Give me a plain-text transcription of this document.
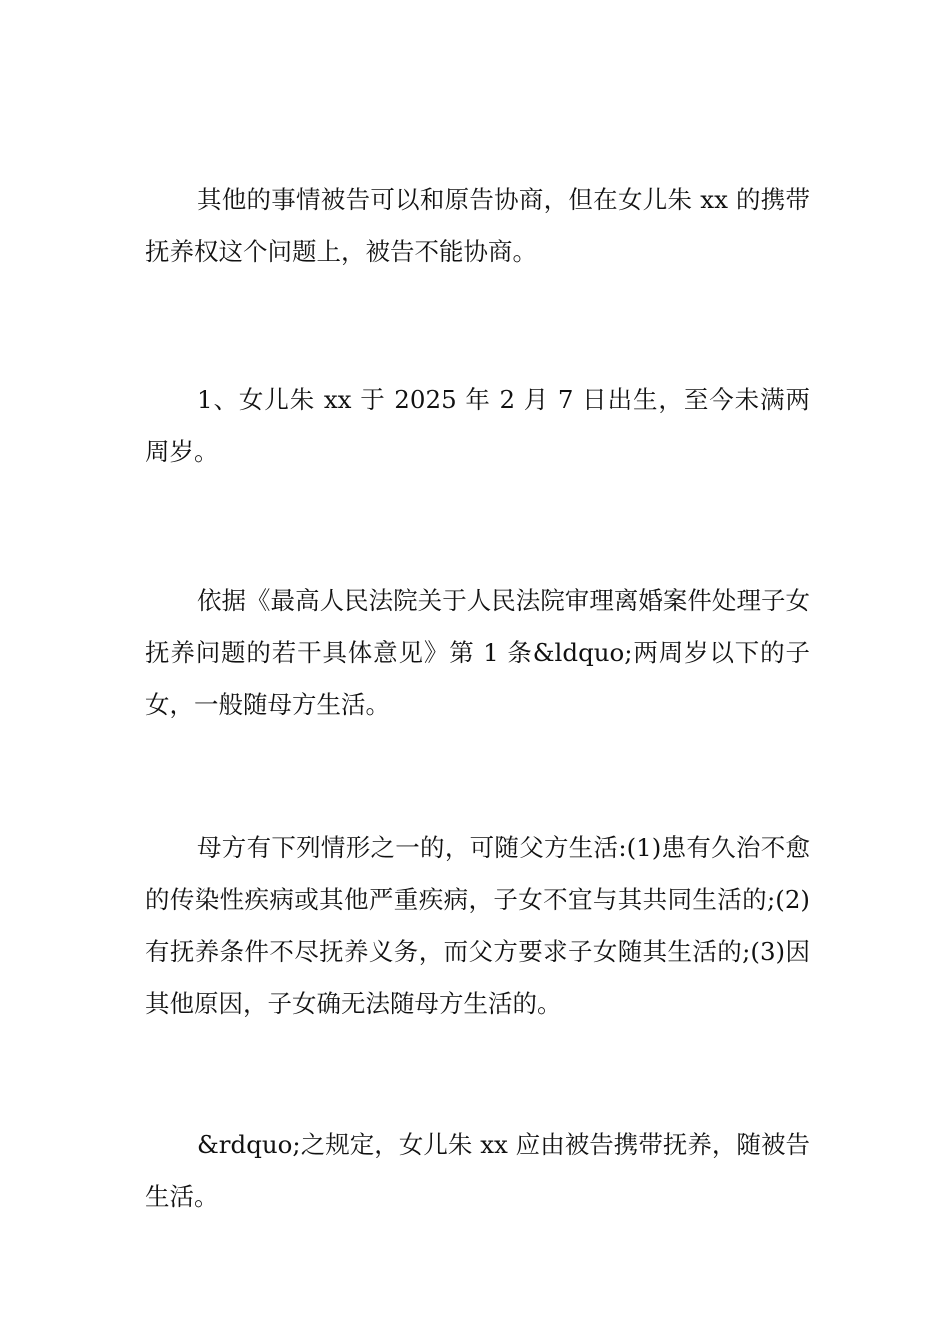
其他的事情被告可以和原告协商，但在女儿朱 xx 的携带抚养权这个问题上，被告不能协商。

1、女儿朱 xx 于 2025 年 2 月 7 日出生，至今未满两周岁。

依据《最高人民法院关于人民法院审理离婚案件处理子女抚养问题的若干具体意见》第 1 条&ldquo;两周岁以下的子女，一般随母方生活。

母方有下列情形之一的，可随父方生活:(1)患有久治不愈的传染性疾病或其他严重疾病，子女不宜与其共同生活的;(2)有抚养条件不尽抚养义务，而父方要求子女随其生活的;(3)因其他原因，子女确无法随母方生活的。

&rdquo;之规定，女儿朱 xx 应由被告携带抚养，随被告生活。
